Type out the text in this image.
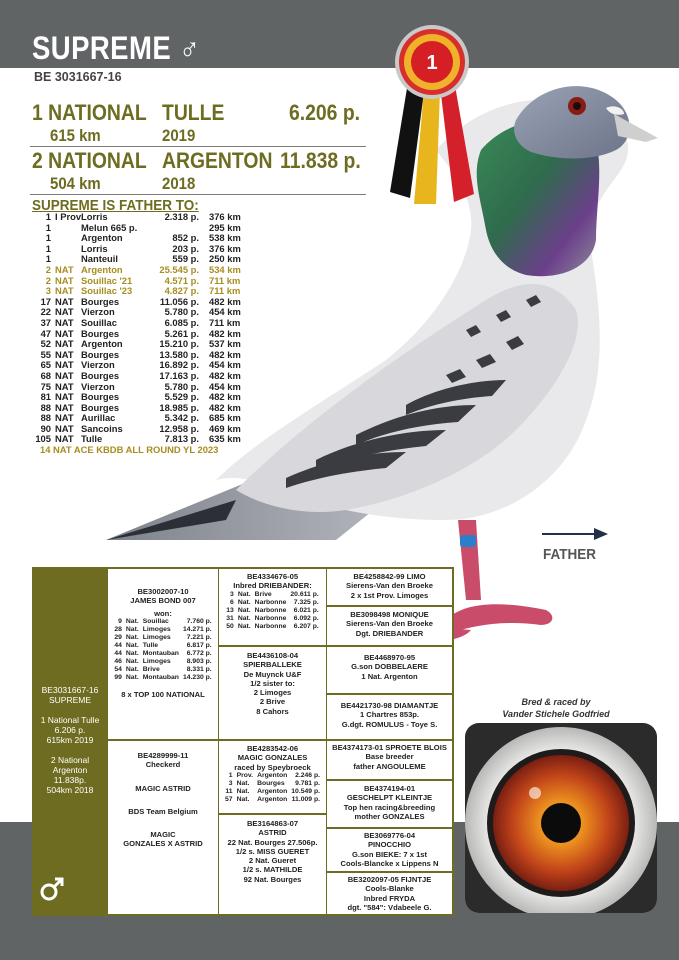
SUPREME ♂
BE 3031667-16
1 NATIONAL TULLE	6.206 p.
615 km	2019
2 NATIONAL ARGENTON 11.838 p.
504 km	2018
SUPREME IS FATHER TO:
1 I Prov Lorris	2.318 p.	376 km
1	Melun 665 p.	295 km
1	Argenton	852 p.	538 km
1	Lorris	203 p.	376 km
1	Nanteuil	559 p.	250 km
2 NAT Argenton	25.545 p.	534 km
2 NAT Souillac '21	4.571 p.	711 km
3 NAT Souillac '23	4.827 p.	711 km
17 NAT Bourges	11.056 p.	482 km
22 NAT Vierzon	5.780 p.	454 km
37 NAT Souillac	6.085 p.	711 km
47 NAT Bourges	5.261 p.	482 km
52 NAT Argenton	15.210 p.	537 km
55 NAT Bourges	13.580 p.	482 km
65 NAT Vierzon	16.892 p.	454 km
68 NAT Bourges	17.163 p.	482 km
75 NAT Vierzon	5.780 p.	454 km
81 NAT Bourges	5.529 p.	482 km
88 NAT Bourges	18.985 p.	482 km
88 NAT Aurillac	5.342 p.	685 km
90 NAT Sancoins	12.958 p.	469 km
105 NAT Tulle	7.813 p.	635 km
14 NAT ACE KBDB ALL ROUND YL 2023
1
FATHER
BE3031667-16
SUPREME
1 National Tulle
6.206 p.
615km 2019
2 National
Argenton
11.838p.
504km 2018
BE3002007-10
JAMES BOND 007
won:
9	Nat.	Souillac	7.760 p.
28	Nat.	Limoges	14.271 p.
29	Nat.	Limoges	7.221 p.
44	Nat.	Tulle	6.817 p.
44	Nat.	Montauban	6.772 p.
46	Nat.	Limoges	8.903 p.
54	Nat.	Brive	8.331 p.
99	Nat.	Montauban	14.230 p.
8 x TOP 100 NATIONAL
BE4289999-11
Checkerd
MAGIC ASTRID
BDS Team Belgium
MAGIC
GONZALES X ASTRID
BE4334676-05
Inbred DRIEBANDER:
3	Nat.	Brive	20.611 p.
6	Nat.	Narbonne	7.325 p.
13	Nat.	Narbonne	6.021 p.
31	Nat.	Narbonne	6.092 p.
50	Nat.	Narbonne	6.207 p.
BE4436108-04
SPIERBALLEKE
De Muynck U&F
1/2 sister to:
2 Limoges
2 Brive
8 Cahors
BE4283542-06
MAGIC GONZALES
raced by Speybroeck
1	Prov.	Argenton	2.246 p.
3	Nat.	Bourges	9.781 p.
11	Nat.	Argenton	10.549 p.
57	Nat.	Argenton	11.009 p.
BE3164863-07
ASTRID
22 Nat. Bourges 27.506p.
1/2 s. MISS GUERET
2 Nat. Gueret
1/2 s. MATHILDE
92 Nat. Bourges
BE4258842-99 LIMO
Sierens-Van den Broeke
2 x 1st Prov. Limoges
BE3098498 MONIQUE
Sierens-Van den Broeke
Dgt. DRIEBANDER
BE4468970-95
G.son DOBBELAERE
1 Nat. Argenton
BE4421730-98 DIAMANTJE
1 Chartres 853p.
G.dgt. ROMULUS - Toye S.
BE4374173-01 SPROETE BLOIS
Base breeder
father ANGOULEME
BE4374194-01
GESCHELPT KLEINTJE
Top hen racing&breeding
mother GONZALES
BE3069776-04
PINOCCHIO
G.son BIEKE: 7 x 1st
Cools-Blancke x Lippens N
BE3202097-05 FIJNTJE
Cools-Blanke
Inbred FRYDA
dgt. "584": Vdabeele G.
Bred & raced by
Vander Stichele Godfried
